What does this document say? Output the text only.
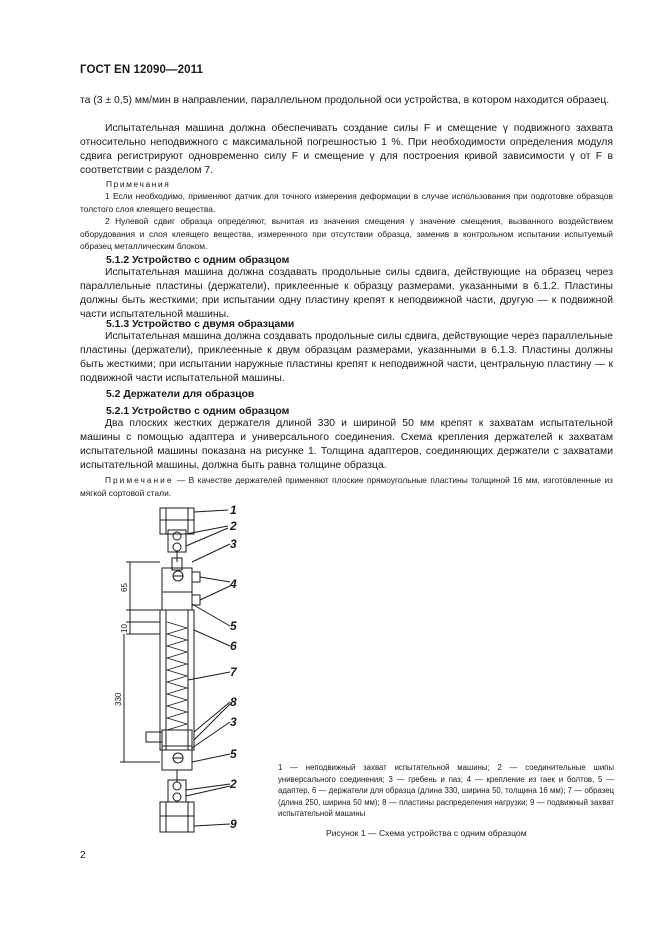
ГОСТ EN 12090—2011

та (3 ± 0,5) мм/мин в направлении, параллельном продольной оси устройства, в котором находится образец.

Испытательная машина должна обеспечивать создание силы F и смещение γ подвижного захвата относительно неподвижного с максимальной погрешностью 1 %. При необходимости определения модуля сдвига регистрируют одновременно силу F и смещение γ для построения кривой зависимости γ от F в соответствии с разделом 7.

Примечания

1 Если необходимо, применяют датчик для точного измерения деформации в случае использования при подготовке образцов толстого слоя клеящего вещества.

2 Нулевой сдвиг образца определяют, вычитая из значения смещения γ значение смещения, вызванного воздействием оборудования и слоя клеящего вещества, измеренного при отсутствии образца, заменив в контрольном испытании испытуемый образец металлическим блоком.

5.1.2 Устройство с одним образцом

Испытательная машина должна создавать продольные силы сдвига, действующие на образец через параллельные пластины (держатели), приклеенные к образцу размерами, указанными в 6.1.2. Пластины должны быть жесткими; при испытании одну пластину крепят к неподвижной части, другую — к подвижной части испытательной машины.

5.1.3 Устройство с двумя образцами

Испытательная машина должна создавать продольные силы сдвига, действующие через параллельные пластины (держатели), приклеенные к двум образцам размерами, указанными в 6.1.3. Пластины должны быть жесткими; при испытании наружные пластины крепят к неподвижной части, центральную пластину — к подвижной части испытательной машины.

5.2 Держатели для образцов

5.2.1 Устройство с одним образцом

Два плоских жестких держателя длиной 330 и шириной 50 мм крепят к захватам испытательной машины с помощью адаптера и универсального соединения. Схема крепления держателей к захватам испытательной машины показана на рисунке 1. Толщина адаптеров, соединяющих держатели с захватами испытательной машины, должна быть равна толщине образца.

Примечание — В качестве держателей применяют плоские прямоугольные пластины толщиной 16 мм, изготовленные из мягкой сортовой стали.

1
2
3
4
5
6
7
8
3
5
2
9
65
10
330

1 — неподвижный захват испытательной машины; 2 — соединительные шипы универсального соединения; 3 — гребень и паз; 4 — крепление из гаек и болтов, 5 — адаптер, 6 — держатели для образца (длина 330, ширина 50, толщина 16 мм); 7 — образец (длина 250, ширина 50 мм); 8 — пластины распределения нагрузки; 9 — подвижный захват испытательной машины

Рисунок 1 — Схема устройства с одним образцом
2
